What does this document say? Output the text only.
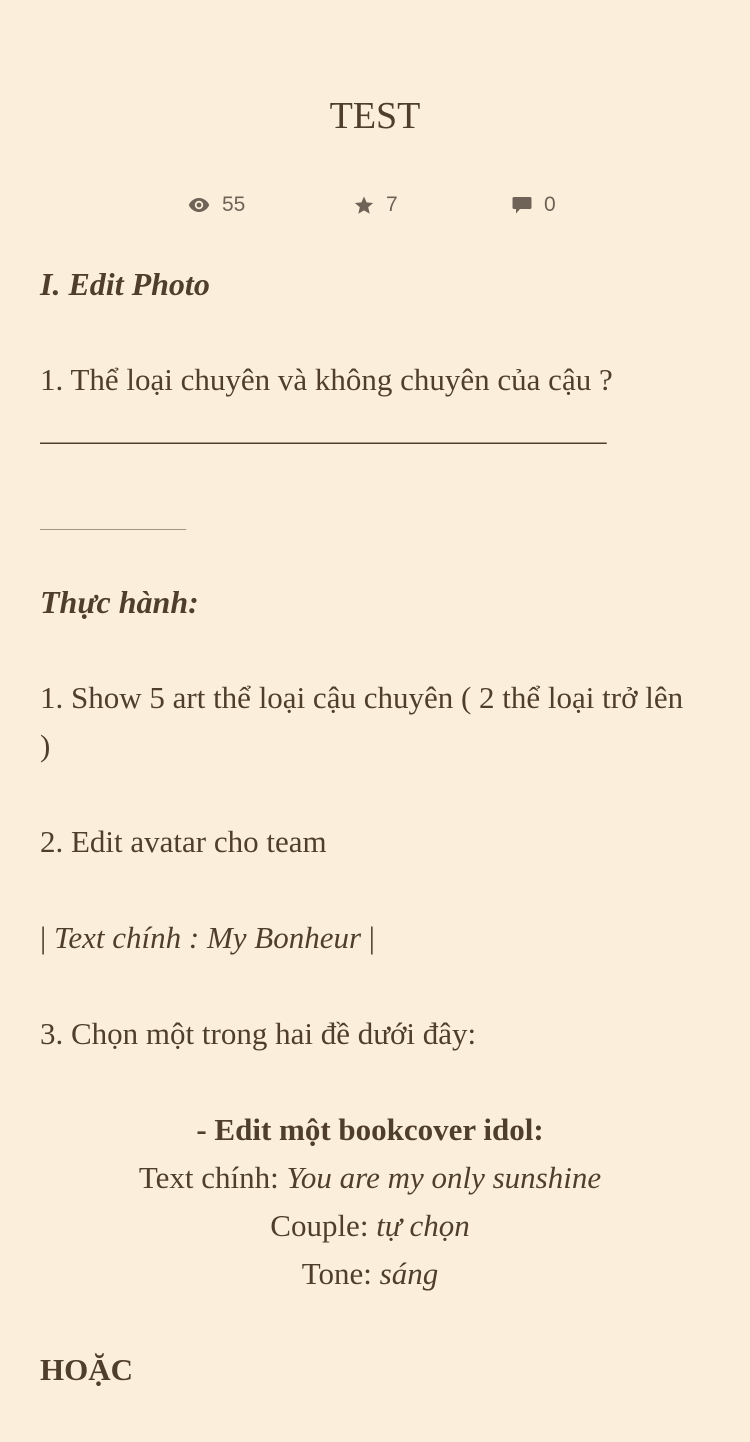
TEST
55	7	0

I. Edit Photo

1. Thể loại chuyên và không chuyên của cậu ?

_______________________________________

__________

Thực hành:

1. Show 5 art thể loại cậu chuyên ( 2 thể loại trở lên )

2. Edit avatar cho team

| Text chính : My Bonheur |

3. Chọn một trong hai đề dưới đây:

- Edit một bookcover idol:
Text chính: You are my only sunshine
Couple: tự chọn
Tone: sáng

HOẶC
